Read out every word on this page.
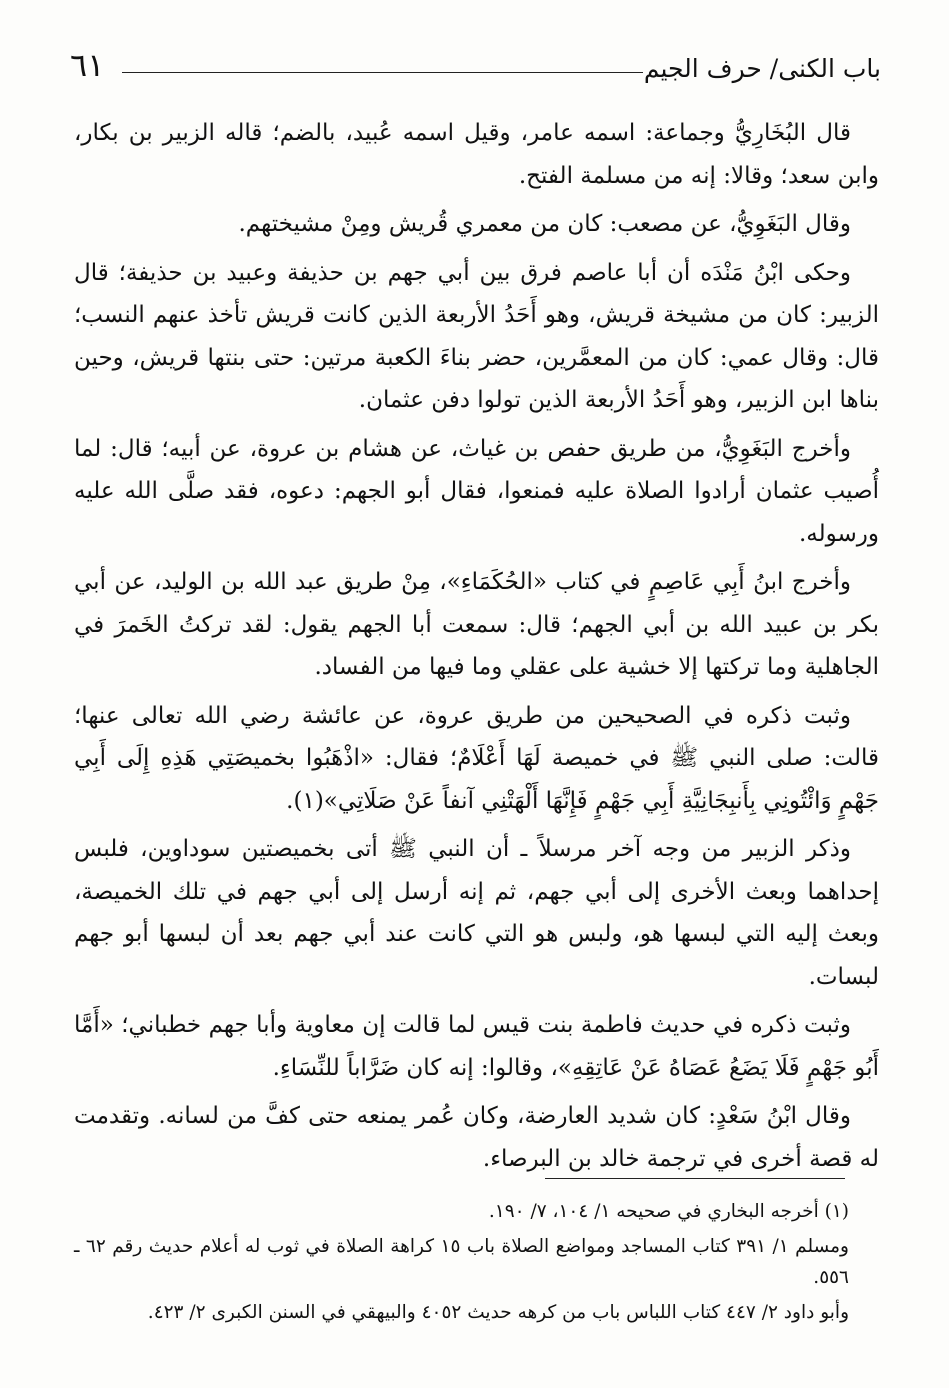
باب الكنى/ حرف الجيم
٦١

قال البُخَارِيُّ وجماعة: اسمه عامر، وقيل اسمه عُبيد، بالضم؛ قاله الزبير بن بكار، وابن سعد؛ وقالا: إنه من مسلمة الفتح.

وقال البَغَوِيُّ، عن مصعب: كان من معمري قُريش ومِنْ مشيختهم.

وحكى ابْنُ مَنْدَه أن أبا عاصم فرق بين أبي جهم بن حذيفة وعبيد بن حذيفة؛ قال الزبير: كان من مشيخة قريش، وهو أَحَدُ الأربعة الذين كانت قريش تأخذ عنهم النسب؛ قال: وقال عمي: كان من المعمَّرين، حضر بناءَ الكعبة مرتين: حتى بنتها قريش، وحين بناها ابن الزبير، وهو أَحَدُ الأربعة الذين تولوا دفن عثمان.

وأخرج البَغَوِيُّ، من طريق حفص بن غياث، عن هشام بن عروة، عن أبيه؛ قال: لما أُصيب عثمان أرادوا الصلاة عليه فمنعوا، فقال أبو الجهم: دعوه، فقد صلَّى الله عليه ورسوله.

وأخرج ابنُ أَبِي عَاصِمٍ في كتاب «الحُكَمَاءِ»، مِنْ طريق عبد الله بن الوليد، عن أبي بكر بن عبيد الله بن أبي الجهم؛ قال: سمعت أبا الجهم يقول: لقد تركتُ الخَمرَ في الجاهلية وما تركتها إلا خشية على عقلي وما فيها من الفساد.

وثبت ذكره في الصحيحين من طريق عروة، عن عائشة رضي الله تعالى عنها؛ قالت: صلى النبي ﷺ في خميصة لَهَا أَعْلَامٌ؛ فقال: «اذْهَبُوا بخميصَتِي هَذِهِ إِلَى أَبِي جَهْمٍ وَائْتُونِي بِأَنبِجَانِيَّةِ أَبِي جَهْمٍ فَإِنَّهَا أَلْهَتْنِي آنفاً عَنْ صَلَاتِي»(١).

وذكر الزبير من وجه آخر مرسلاً ـ أن النبي ﷺ أتى بخميصتين سوداوين، فلبس إحداهما وبعث الأخرى إلى أبي جهم، ثم إنه أرسل إلى أبي جهم في تلك الخميصة، وبعث إليه التي لبسها هو، ولبس هو التي كانت عند أبي جهم بعد أن لبسها أبو جهم لبسات.

وثبت ذكره في حديث فاطمة بنت قيس لما قالت إن معاوية وأبا جهم خطباني؛ «أَمَّا أَبُو جَهْمٍ فَلَا يَضَعُ عَصَاهُ عَنْ عَاتِقِهِ»، وقالوا: إنه كان ضَرَّاباً للنِّسَاءِ.

وقال ابْنُ سَعْدٍ: كان شديد العارضة، وكان عُمر يمنعه حتى كفَّ من لسانه. وتقدمت له قصة أخرى في ترجمة خالد بن البرصاء.

(١) أخرجه البخاري في صحيحه ١/ ١٠٤، ٧/ ١٩٠.

ومسلم ١/ ٣٩١ كتاب المساجد ومواضع الصلاة باب ١٥ كراهة الصلاة في ثوب له أعلام حديث رقم ٦٢ ـ ٥٥٦.

وأبو داود ٢/ ٤٤٧ كتاب اللباس باب من كرهه حديث ٤٠٥٢ والبيهقي في السنن الكبرى ٢/ ٤٢٣.
